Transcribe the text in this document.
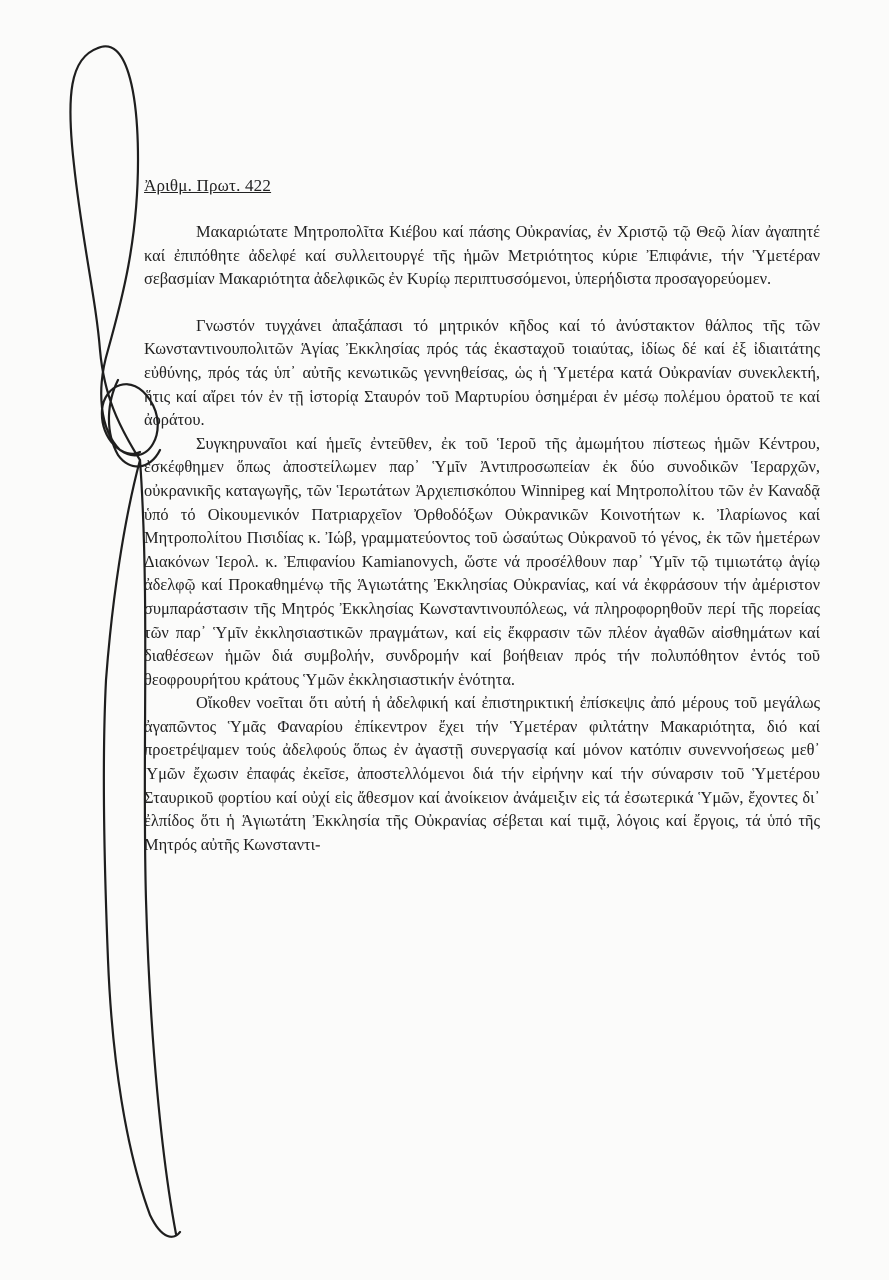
Ἀριθμ. Πρωτ. 422

Μακαριώτατε Μητροπολῖτα Κιέβου καί πάσης Οὐκρανίας, ἐν Χριστῷ τῷ Θεῷ λίαν ἀγαπητέ καί ἐπιπόθητε ἀδελφέ καί συλλειτουργέ τῆς ἡμῶν Μετριότητος κύριε Ἐπιφάνιε, τήν Ὑμετέραν σεβασμίαν Μακαριότητα ἀδελφικῶς ἐν Κυρίῳ περιπτυσσόμενοι, ὑπερήδιστα προσαγορεύομεν.

Γνωστόν τυγχάνει ἁπαξάπασι τό μητρικόν κῆδος καί τό ἀνύστακτον θάλπος τῆς τῶν Κωνσταντινουπολιτῶν Ἁγίας Ἐκκλησίας πρός τάς ἑκασταχοῦ τοιαύτας, ἰδίως δέ καί ἐξ ἰδιαιτάτης εὐθύνης, πρός τάς ὑπ᾽ αὐτῆς κενωτικῶς γεννηθείσας, ὡς ἡ Ὑμετέρα κατά Οὐκρανίαν συνεκλεκτή, ἥτις καί αἴρει τόν ἐν τῇ ἱστορίᾳ Σταυρόν τοῦ Μαρτυρίου ὁσημέραι ἐν μέσῳ πολέμου ὁρατοῦ τε καί ἀοράτου.

Συγκηρυναῖοι καί ἡμεῖς ἐντεῦθεν, ἐκ τοῦ Ἱεροῦ τῆς ἀμωμήτου πίστεως ἡμῶν Κέντρου, ἐσκέφθημεν ὅπως ἀποστείλωμεν παρ᾽ Ὑμῖν Ἀντιπροσωπείαν ἐκ δύο συνοδικῶν Ἱεραρχῶν, οὐκρανικῆς καταγωγῆς, τῶν Ἱερωτάτων Ἀρχιεπισκόπου Winnipeg καί Μητροπολίτου τῶν ἐν Καναδᾷ ὑπό τό Οἰκουμενικόν Πατριαρχεῖον Ὀρθοδόξων Οὐκρανικῶν Κοινοτήτων κ. Ἰλαρίωνος καί Μητροπολίτου Πισιδίας κ. Ἰώβ, γραμματεύοντος τοῦ ὡσαύτως Οὐκρανοῦ τό γένος, ἐκ τῶν ἡμετέρων Διακόνων Ἱερολ. κ. Ἐπιφανίου Kamianovych, ὥστε νά προσέλθουν παρ᾽ Ὑμῖν τῷ τιμιωτάτῳ ἁγίῳ ἀδελφῷ καί Προκαθημένῳ τῆς Ἁγιωτάτης Ἐκκλησίας Οὐκρανίας, καί νά ἐκφράσουν τήν ἀμέριστον συμπαράστασιν τῆς Μητρός Ἐκκλησίας Κωνσταντινουπόλεως, νά πληροφορηθοῦν περί τῆς πορείας τῶν παρ᾽ Ὑμῖν ἐκκλησιαστικῶν πραγμάτων, καί εἰς ἔκφρασιν τῶν πλέον ἀγαθῶν αἰσθημάτων καί διαθέσεων ἡμῶν διά συμβολήν, συνδρομήν καί βοήθειαν πρός τήν πολυπόθητον ἐντός τοῦ θεοφρουρήτου κράτους Ὑμῶν ἐκκλησιαστικήν ἑνότητα.

Οἴκοθεν νοεῖται ὅτι αὐτή ἡ ἀδελφική καί ἐπιστηρικτική ἐπίσκεψις ἀπό μέρους τοῦ μεγάλως ἀγαπῶντος Ὑμᾶς Φαναρίου ἐπίκεντρον ἔχει τήν Ὑμετέραν φιλτάτην Μακαριότητα, διό καί προετρέψαμεν τούς ἀδελφούς ὅπως ἐν ἀγαστῇ συνεργασίᾳ καί μόνον κατόπιν συνεννοήσεως μεθ᾽ Ὑμῶν ἔχωσιν ἐπαφάς ἐκεῖσε, ἀποστελλόμενοι διά τήν εἰρήνην καί τήν σύναρσιν τοῦ Ὑμετέρου Σταυρικοῦ φορτίου καί οὐχί εἰς ἄθεσμον καί ἀνοίκειον ἀνάμειξιν εἰς τά ἐσωτερικά Ὑμῶν, ἔχοντες δι᾽ ἐλπίδος ὅτι ἡ Ἁγιωτάτη Ἐκκλησία τῆς Οὐκρανίας σέβεται καί τιμᾷ, λόγοις καί ἔργοις, τά ὑπό τῆς Μητρός αὐτῆς Κωνσταντι-
